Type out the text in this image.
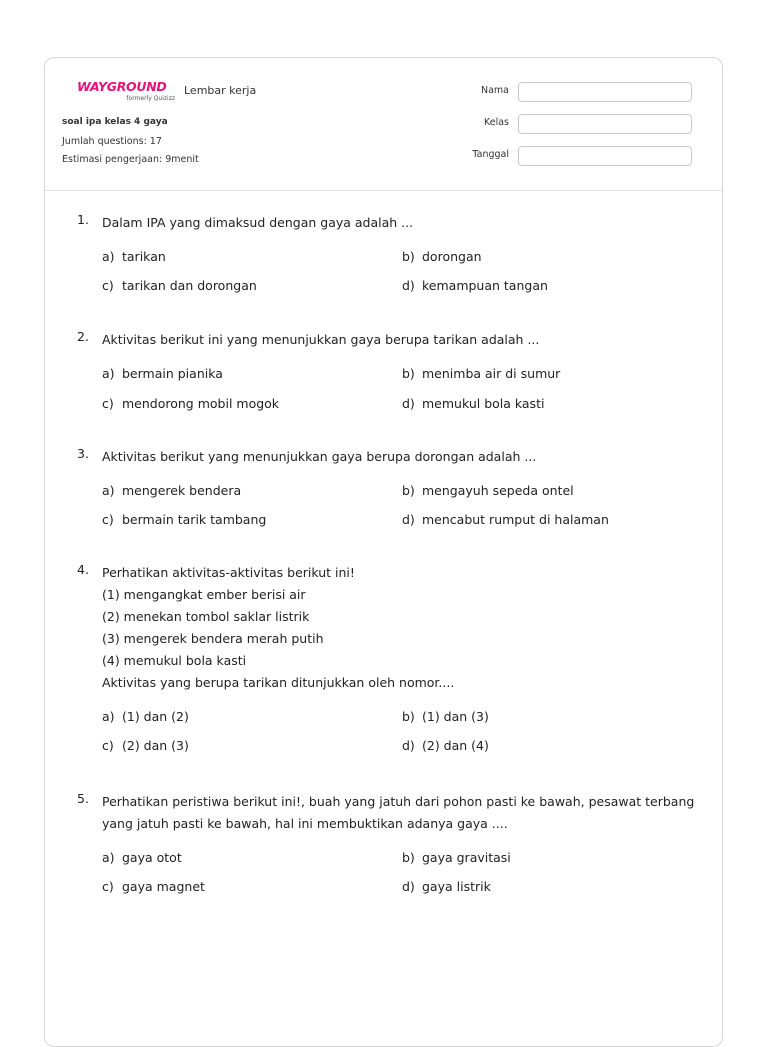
WAYGROUND
formerly Quizizz
Lembar kerja
soal ipa kelas 4 gaya
Jumlah questions: 17
Estimasi pengerjaan: 9menit
Nama
Kelas
Tanggal
1. Dalam IPA yang dimaksud dengan gaya adalah ...
a) tarikan	b) dorongan
c) tarikan dan dorongan	d) kemampuan tangan
2. Aktivitas berikut ini yang menunjukkan gaya berupa tarikan adalah ...
a) bermain pianika	b) menimba air di sumur
c) mendorong mobil mogok	d) memukul bola kasti
3. Aktivitas berikut yang menunjukkan gaya berupa dorongan adalah ...
a) mengerek bendera	b) mengayuh sepeda ontel
c) bermain tarik tambang	d) mencabut rumput di halaman
4. Perhatikan aktivitas-aktivitas berikut ini!
(1) mengangkat ember berisi air
(2) menekan tombol saklar listrik
(3) mengerek bendera merah putih
(4) memukul bola kasti
Aktivitas yang berupa tarikan ditunjukkan oleh nomor....
a) (1) dan (2)	b) (1) dan (3)
c) (2) dan (3)	d) (2) dan (4)
5. Perhatikan peristiwa berikut ini!, buah yang jatuh dari pohon pasti ke bawah, pesawat terbang
yang jatuh pasti ke bawah, hal ini membuktikan adanya gaya ....
a) gaya otot	b) gaya gravitasi
c) gaya magnet	d) gaya listrik
